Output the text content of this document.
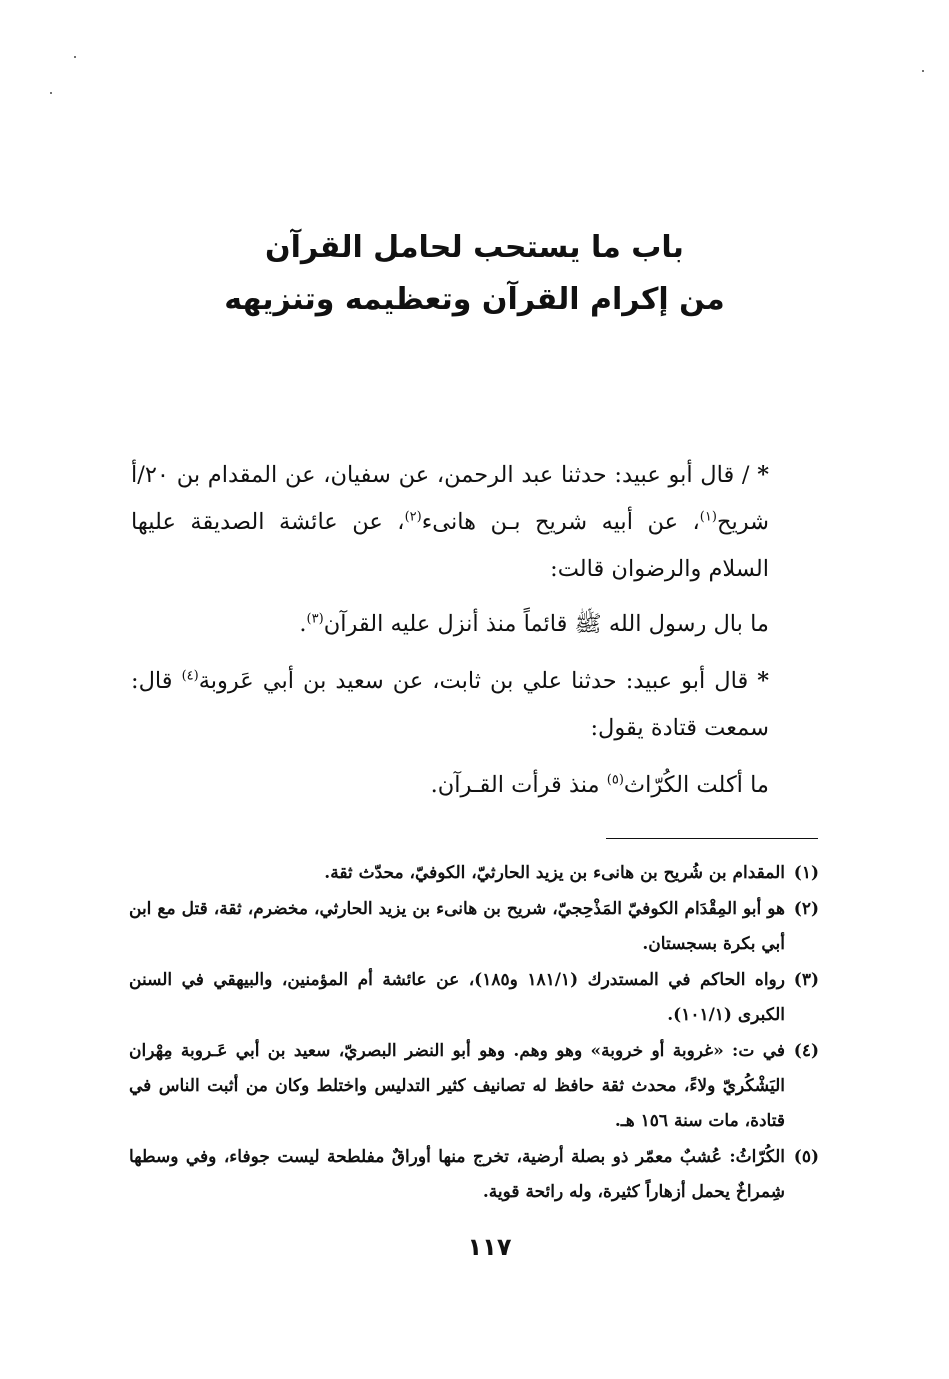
باب ما يستحب لحامل القرآن

من إكرام القرآن وتعظيمه وتنزيهه

* / قال أبو عبيد: حدثنا عبد الرحمن، عن سفيان، عن المقدام بن ٢٠/أ شريح$^{(١)}$، عن أبيه شريح بـن هانىء$^{(٢)}$، عن عائشة الصديقة عليها السلام والرضوان قالت:

ما بال رسول الله ﷺ قائماً منذ أنزل عليه القرآن$^{(٣)}$.

* قال أبو عبيد: حدثنا علي بن ثابت، عن سعيد بن أبي عَروبة$^{(٤)}$ قال: سمعت قتادة يقول:

ما أكلت الكُرّاث$^{(٥)}$ منذ قرأت القـرآن.

(١)
المقدام بن شُريح بن هانىء بن يزيد الحارثيّ، الكوفيّ، محدّث ثقة.
(٢)
هو أبو المِقْدَام الكوفيّ المَذْحِجيّ، شريح بن هانىء بن يزيد الحارثي، مخضرم، ثقة، قتل مع ابن أبي بكرة بسجستان.
(٣)
رواه الحاكم في المستدرك (١٨١/١ و١٨٥)، عن عائشة أم المؤمنين، والبيهقي في السنن الكبرى (١٠١/١).
(٤)
في ت: «غروبة أو خروبة» وهو وهم. وهو أبو النضر البصريّ، سعيد بن أبي عَـروبة مِهْران اليَشْكُريّ ولاءً، محدث ثقة حافظ له تصانيف كثير التدليس واختلط وكان من أثبت الناس في قتادة، مات سنة ١٥٦ هـ.
(٥)
الكُرّاثُ: عُشبٌ معمّر ذو بصلة أرضية، تخرج منها أوراقٌ مفلطحة ليست جوفاء، وفي وسطها شِمراخٌ يحمل أزهاراً كثيرة، وله رائحة قوية.
١١٧
